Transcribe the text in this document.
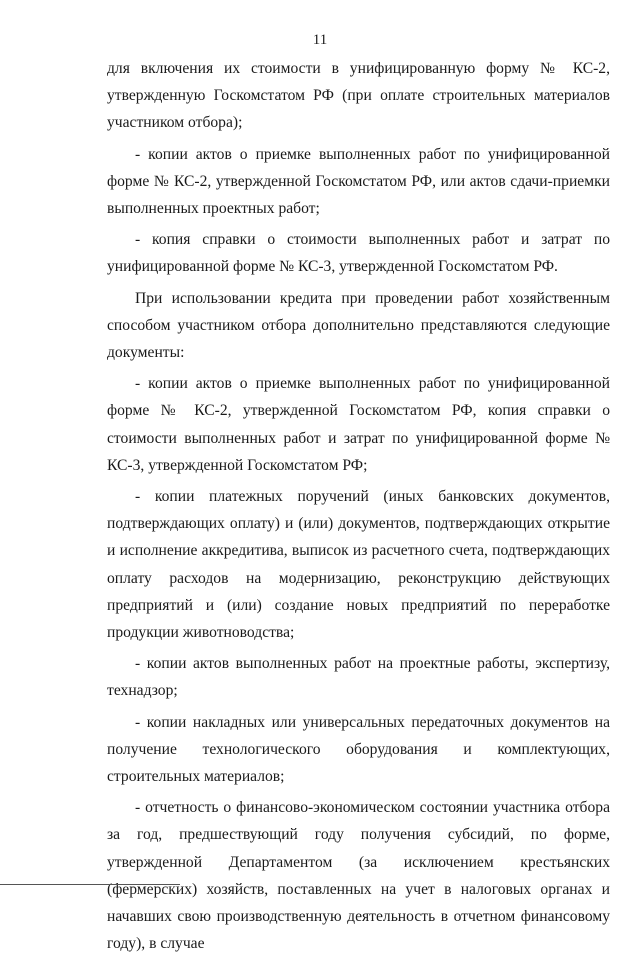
11

для включения их стоимости в унифицированную форму № КС-2, утвержденную Госкомстатом РФ (при оплате строительных материалов участником отбора);

- копии актов о приемке выполненных работ по унифицированной форме № КС-2, утвержденной Госкомстатом РФ, или актов сдачи-приемки выполненных проектных работ;

- копия справки о стоимости выполненных работ и затрат по унифицированной форме № КС-3, утвержденной Госкомстатом РФ.

При использовании кредита при проведении работ хозяйственным способом участником отбора дополнительно представляются следующие документы:

- копии актов о приемке выполненных работ по унифицированной форме № КС-2, утвержденной Госкомстатом РФ, копия справки о стоимости выполненных работ и затрат по унифицированной форме № КС-3, утвержденной Госкомстатом РФ;

- копии платежных поручений (иных банковских документов, подтверждающих оплату) и (или) документов, подтверждающих открытие и исполнение аккредитива, выписок из расчетного счета, подтверждающих оплату расходов на модернизацию, реконструкцию действующих предприятий и (или) создание новых предприятий по переработке продукции животноводства;

- копии актов выполненных работ на проектные работы, экспертизу, технадзор;

- копии накладных или универсальных передаточных документов на получение технологического оборудования и комплектующих, строительных материалов;

- отчетность о финансово-экономическом состоянии участника отбора за год, предшествующий году получения субсидий, по форме, утвержденной Департаментом (за исключением крестьянских (фермерских) хозяйств, поставленных на учет в налоговых органах и начавших свою производственную деятельность в отчетном финансовому году), в случае
